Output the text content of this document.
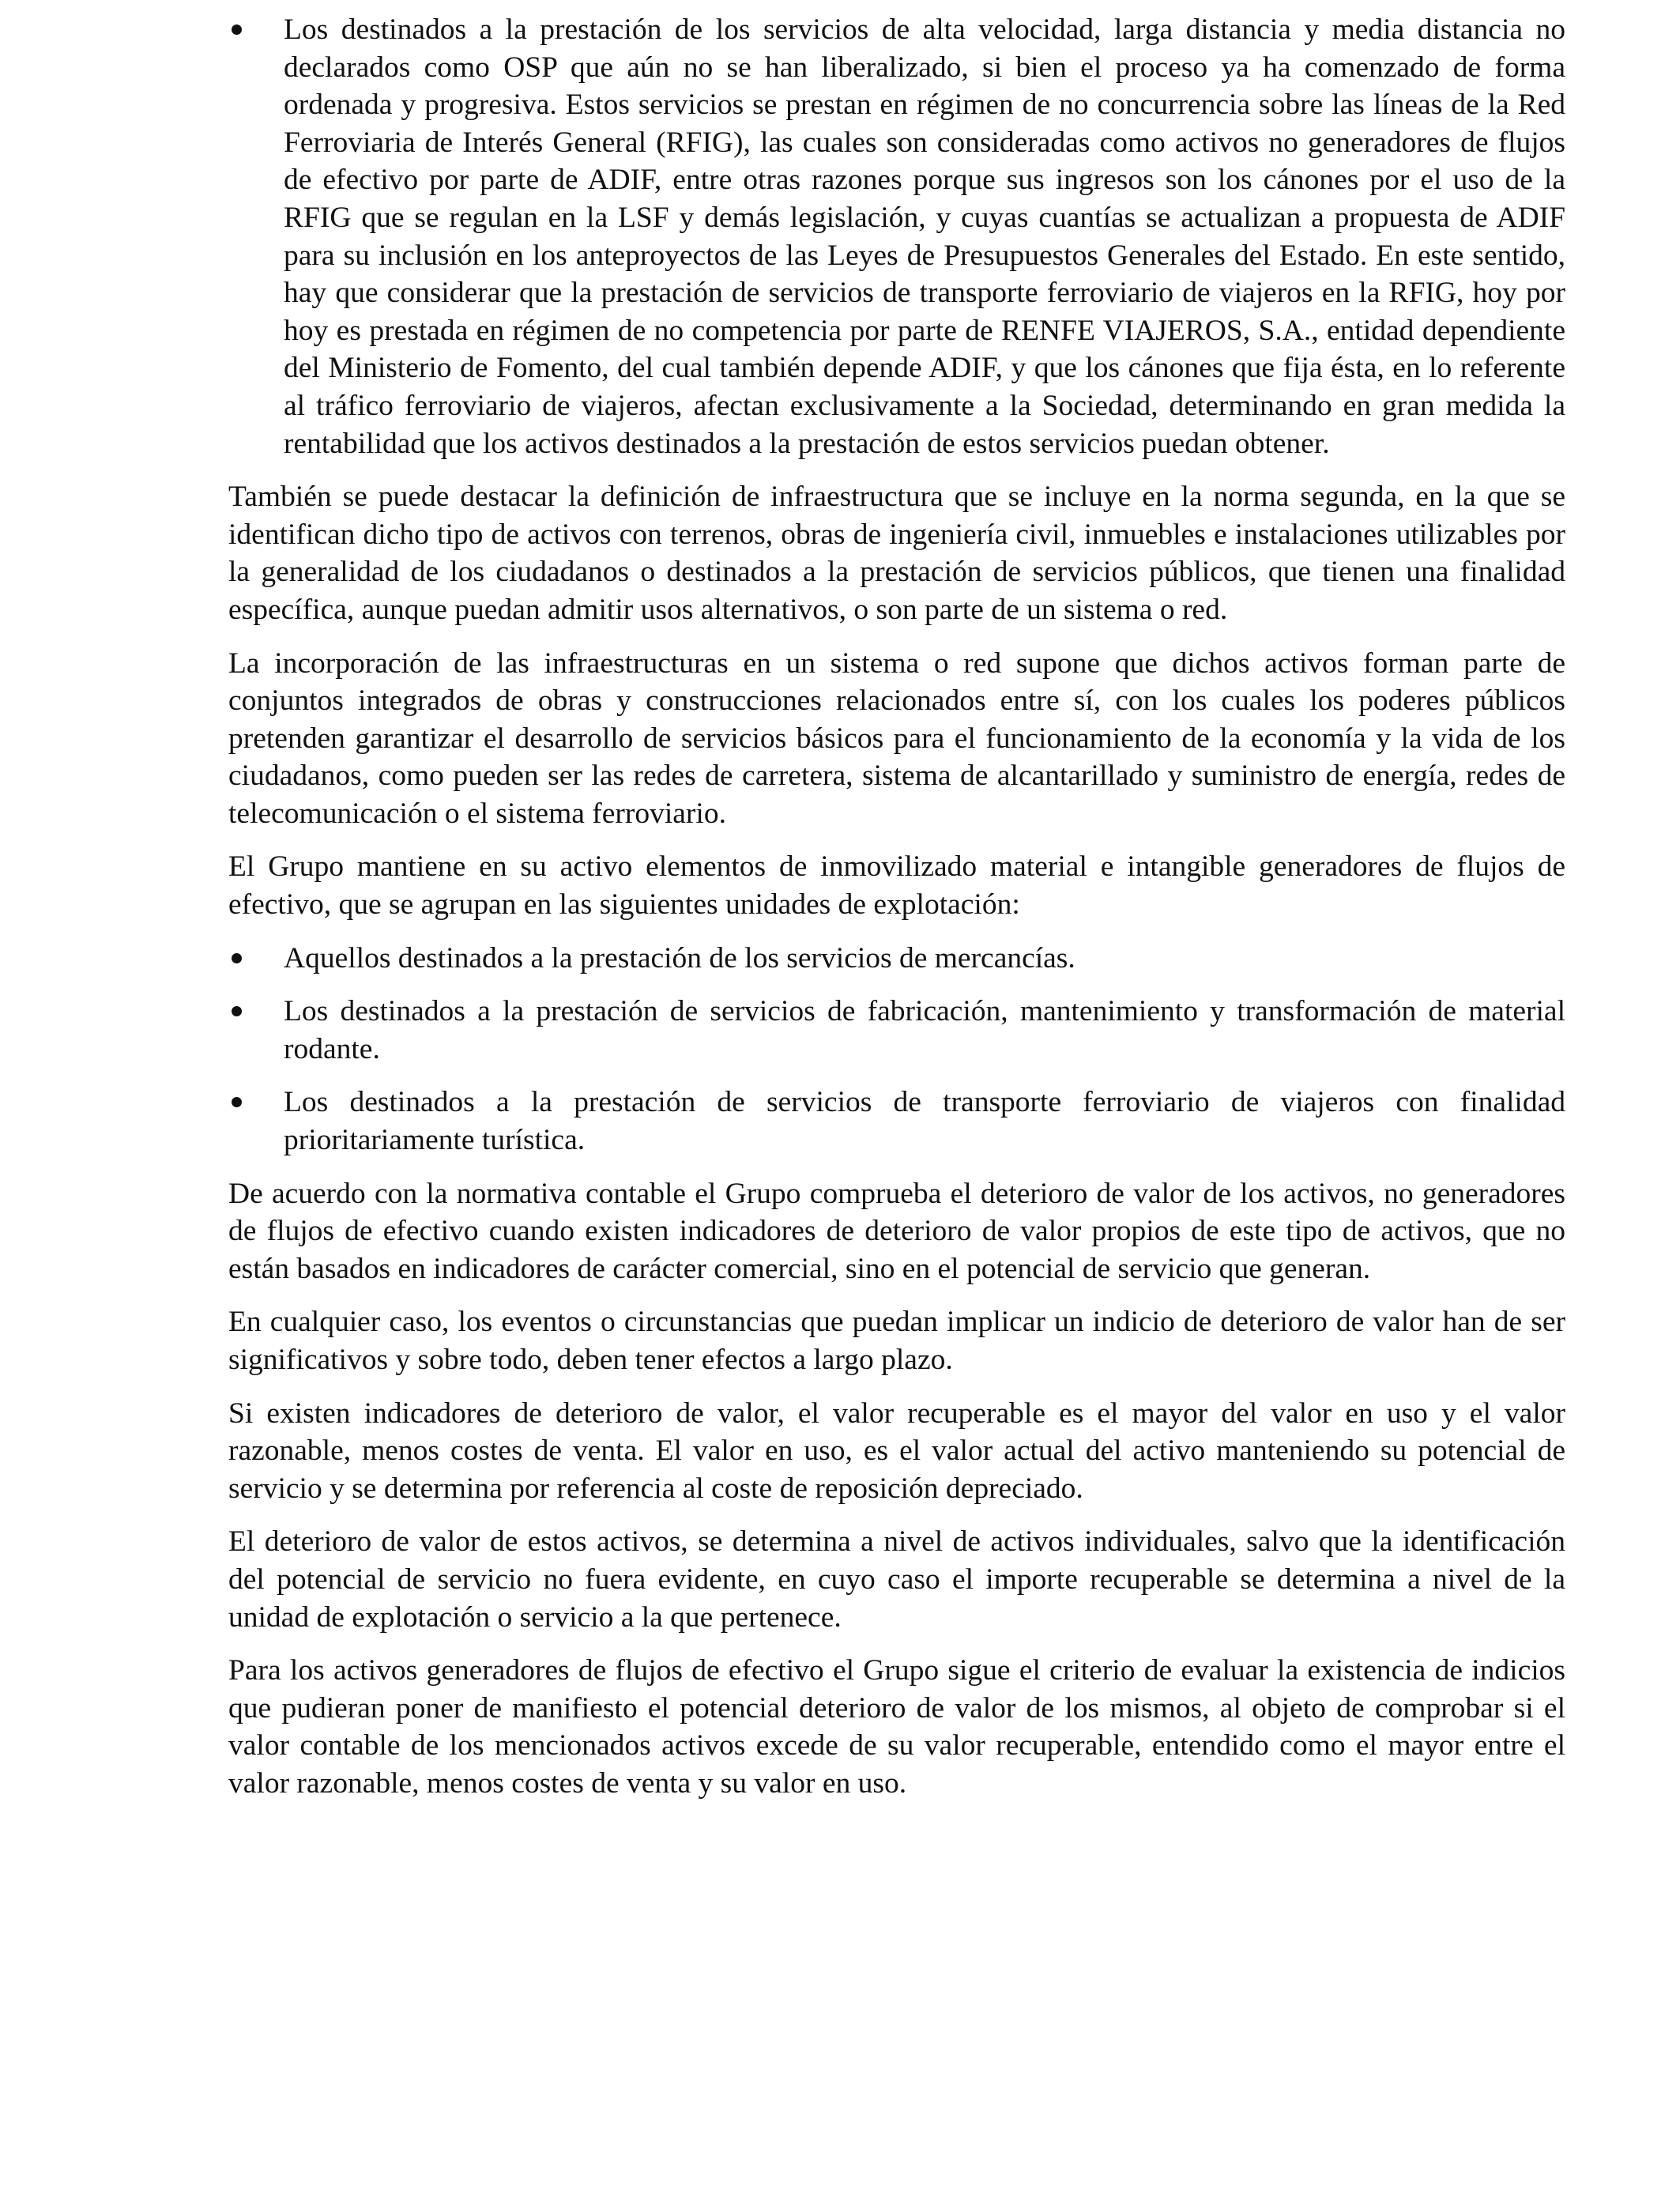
Los destinados a la prestación de los servicios de alta velocidad, larga distancia y media distancia no declarados como OSP que aún no se han liberalizado, si bien el proceso ya ha comenzado de forma ordenada y progresiva. Estos servicios se prestan en régimen de no concurrencia sobre las líneas de la Red Ferroviaria de Interés General (RFIG), las cuales son consideradas como activos no generadores de flujos de efectivo por parte de ADIF, entre otras razones porque sus ingresos son los cánones por el uso de la RFIG que se regulan en la LSF y demás legislación, y cuyas cuantías se actualizan a propuesta de ADIF para su inclusión en los anteproyectos de las Leyes de Presupuestos Generales del Estado. En este sentido, hay que considerar que la prestación de servicios de transporte ferroviario de viajeros en la RFIG, hoy por hoy es prestada en régimen de no competencia por parte de RENFE VIAJEROS, S.A., entidad dependiente del Ministerio de Fomento, del cual también depende ADIF, y que los cánones que fija ésta, en lo referente al tráfico ferroviario de viajeros, afectan exclusivamente a la Sociedad, determinando en gran medida la rentabilidad que los activos destinados a la prestación de estos servicios puedan obtener.

También se puede destacar la definición de infraestructura que se incluye en la norma segunda, en la que se identifican dicho tipo de activos con terrenos, obras de ingeniería civil, inmuebles e instalaciones utilizables por la generalidad de los ciudadanos o destinados a la prestación de servicios públicos, que tienen una finalidad específica, aunque puedan admitir usos alternativos, o son parte de un sistema o red.

La incorporación de las infraestructuras en un sistema o red supone que dichos activos forman parte de conjuntos integrados de obras y construcciones relacionados entre sí, con los cuales los poderes públicos pretenden garantizar el desarrollo de servicios básicos para el funcionamiento de la economía y la vida de los ciudadanos, como pueden ser las redes de carretera, sistema de alcantarillado y suministro de energía, redes de telecomunicación o el sistema ferroviario.

El Grupo mantiene en su activo elementos de inmovilizado material e intangible generadores de flujos de efectivo, que se agrupan en las siguientes unidades de explotación:

Aquellos destinados a la prestación de los servicios de mercancías.
Los destinados a la prestación de servicios de fabricación, mantenimiento y transformación de material rodante.
Los destinados a la prestación de servicios de transporte ferroviario de viajeros con finalidad prioritariamente turística.

De acuerdo con la normativa contable el Grupo comprueba el deterioro de valor de los activos, no generadores de flujos de efectivo cuando existen indicadores de deterioro de valor propios de este tipo de activos, que no están basados en indicadores de carácter comercial, sino en el potencial de servicio que generan.

En cualquier caso, los eventos o circunstancias que puedan implicar un indicio de deterioro de valor han de ser significativos y sobre todo, deben tener efectos a largo plazo.

Si existen indicadores de deterioro de valor, el valor recuperable es el mayor del valor en uso y el valor razonable, menos costes de venta. El valor en uso, es el valor actual del activo manteniendo su potencial de servicio y se determina por referencia al coste de reposición depreciado.

El deterioro de valor de estos activos, se determina a nivel de activos individuales, salvo que la identificación del potencial de servicio no fuera evidente, en cuyo caso el importe recuperable se determina a nivel de la unidad de explotación o servicio a la que pertenece.

Para los activos generadores de flujos de efectivo el Grupo sigue el criterio de evaluar la existencia de indicios que pudieran poner de manifiesto el potencial deterioro de valor de los mismos, al objeto de comprobar si el valor contable de los mencionados activos excede de su valor recuperable, entendido como el mayor entre el valor razonable, menos costes de venta y su valor en uso.
